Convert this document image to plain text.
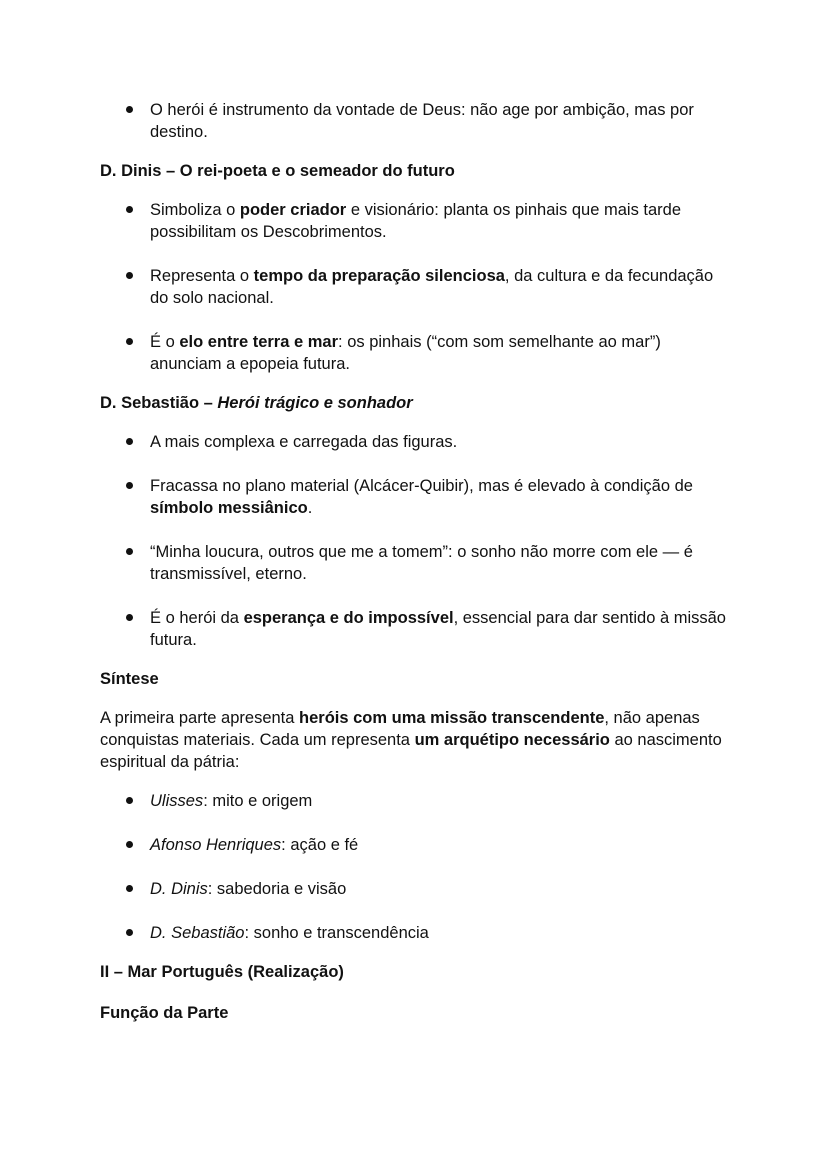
O herói é instrumento da vontade de Deus: não age por ambição, mas por destino.
D. Dinis – O rei-poeta e o semeador do futuro
Simboliza o poder criador e visionário: planta os pinhais que mais tarde possibilitam os Descobrimentos.
Representa o tempo da preparação silenciosa, da cultura e da fecundação do solo nacional.
É o elo entre terra e mar: os pinhais (“com som semelhante ao mar”) anunciam a epopeia futura.
D. Sebastião – Herói trágico e sonhador
A mais complexa e carregada das figuras.
Fracassa no plano material (Alcácer-Quibir), mas é elevado à condição de símbolo messiânico.
“Minha loucura, outros que me a tomem”: o sonho não morre com ele — é transmissível, eterno.
É o herói da esperança e do impossível, essencial para dar sentido à missão futura.
Síntese
A primeira parte apresenta heróis com uma missão transcendente, não apenas conquistas materiais. Cada um representa um arquétipo necessário ao nascimento espiritual da pátria:
Ulisses: mito e origem
Afonso Henriques: ação e fé
D. Dinis: sabedoria e visão
D. Sebastião: sonho e transcendência
II – Mar Português (Realização)
Função da Parte
